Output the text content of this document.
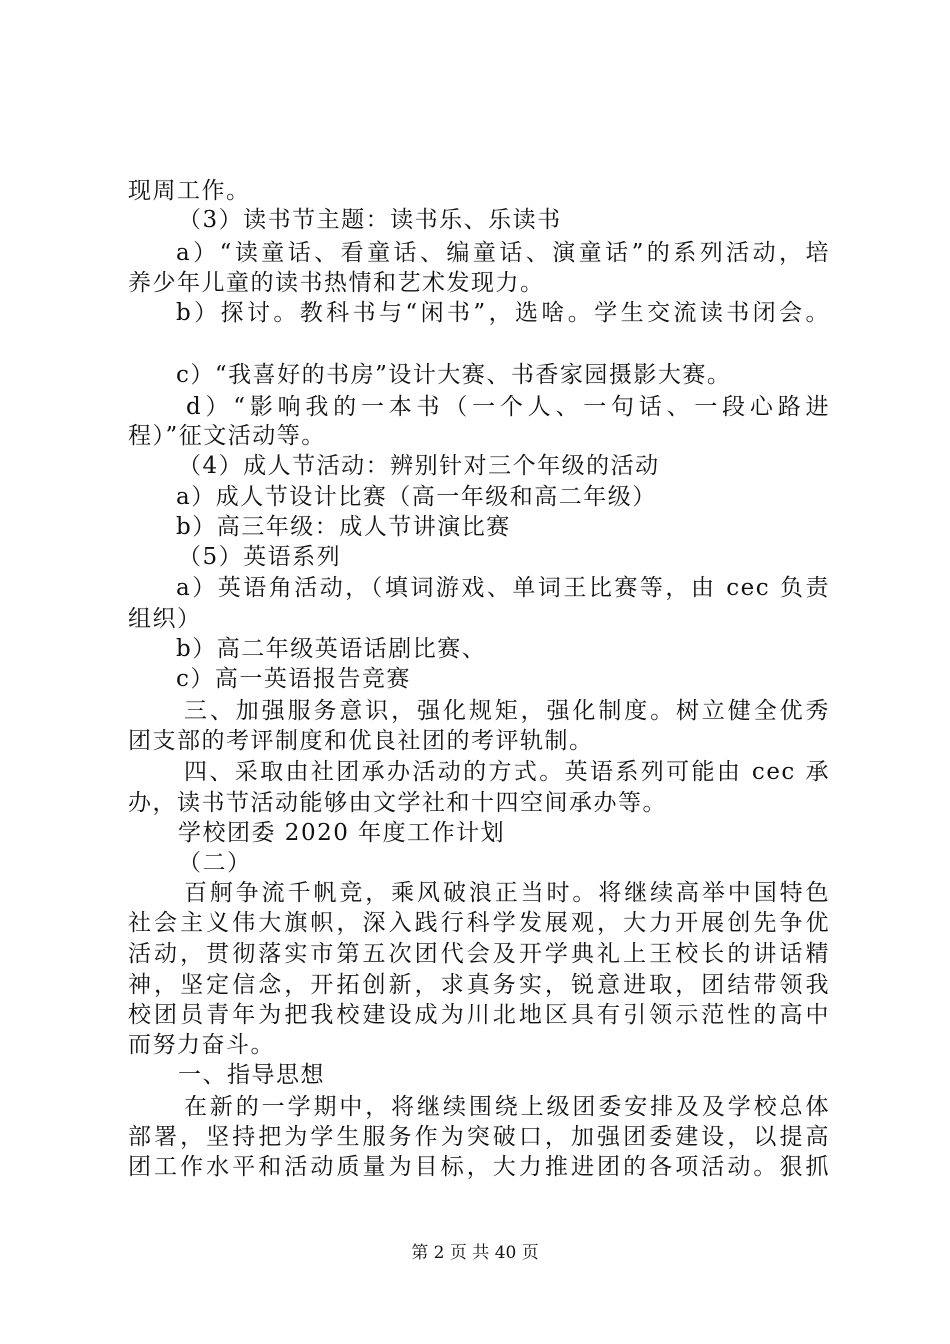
现周工作。
（3）读书节主题：读书乐、乐读书
a）“读童话、看童话、编童话、演童话”的系列活动，培
养少年儿童的读书热情和艺术发现力。
b）探讨。教科书与“闲书”，选啥。学生交流读书闭会。
c）“我喜好的书房”设计大赛、书香家园摄影大赛。
d）“影响我的一本书（一个人、一句话、一段心路进
程）”征文活动等。
（4）成人节活动：辨别针对三个年级的活动
a）成人节设计比赛（高一年级和高二年级）
b）高三年级：成人节讲演比赛
（5）英语系列
a）英语角活动，（填词游戏、单词王比赛等，由 cec 负责
组织）
b）高二年级英语话剧比赛、
c）高一英语报告竞赛
三、加强服务意识，强化规矩，强化制度。树立健全优秀
团支部的考评制度和优良社团的考评轨制。
四、采取由社团承办活动的方式。英语系列可能由 cec 承
办，读书节活动能够由文学社和十四空间承办等。
学校团委 2020 年度工作计划
（二）
百舸争流千帆竞，乘风破浪正当时。将继续高举中国特色
社会主义伟大旗帜，深入践行科学发展观，大力开展创先争优
活动，贯彻落实市第五次团代会及开学典礼上王校长的讲话精
神，坚定信念，开拓创新，求真务实，锐意进取，团结带领我
校团员青年为把我校建设成为川北地区具有引领示范性的高中
而努力奋斗。
一、指导思想
在新的一学期中，将继续围绕上级团委安排及及学校总体
部署，坚持把为学生服务作为突破口，加强团委建设，以提高
团工作水平和活动质量为目标，大力推进团的各项活动。狠抓
第 2 页 共 40 页
